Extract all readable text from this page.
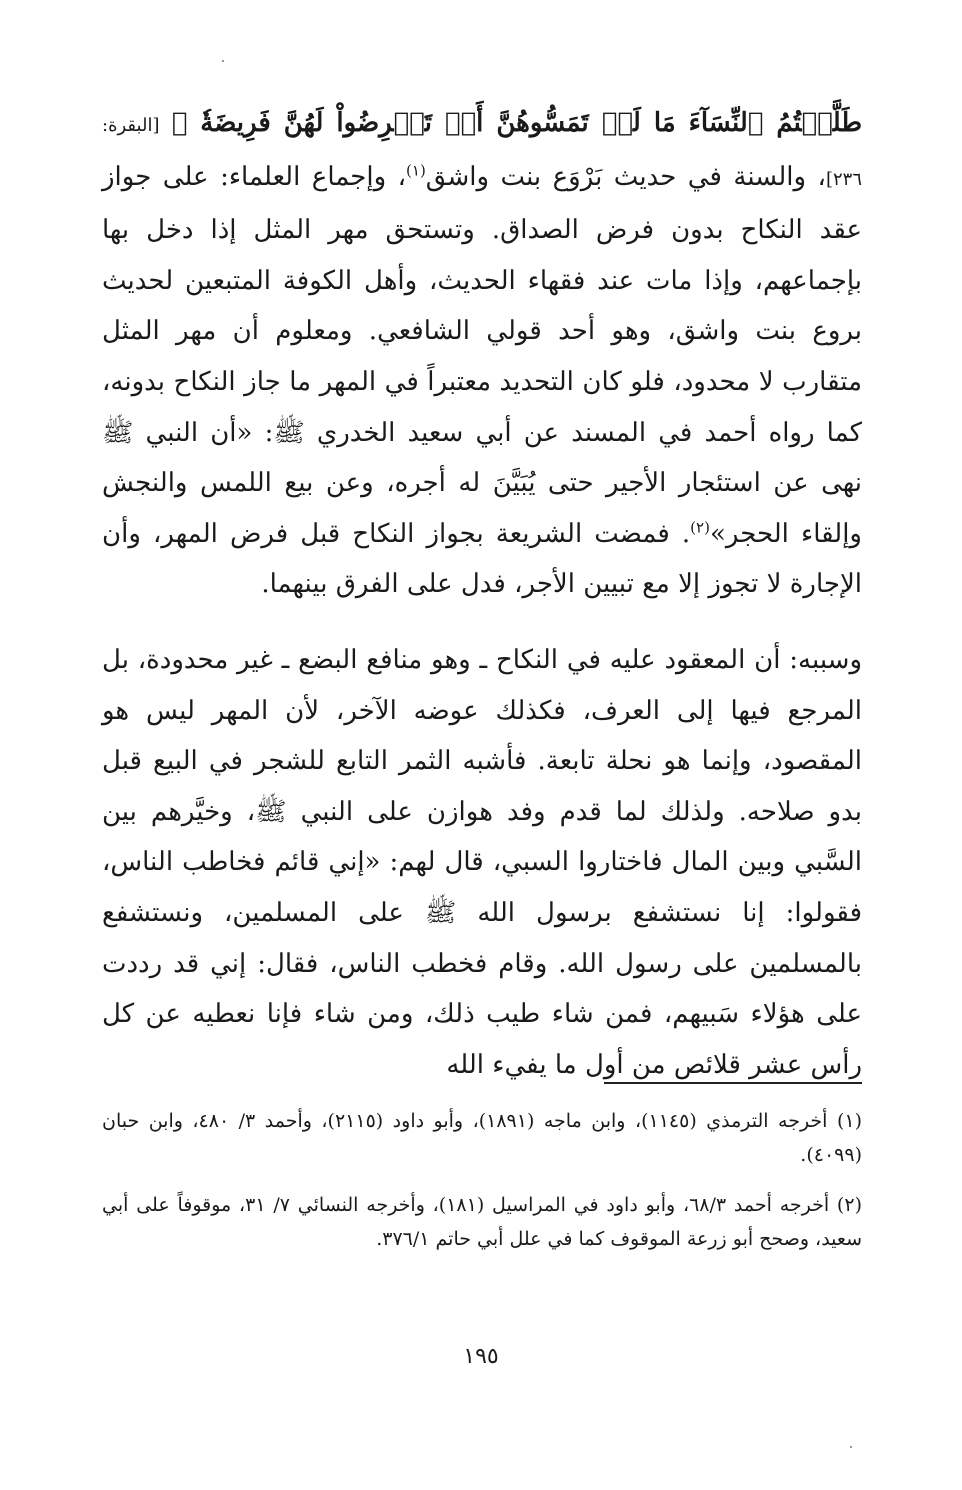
طَلَّقۡتُمُ ٱلنِّسَآءَ مَا لَمۡ تَمَسُّوهُنَّ أَوۡ تَفۡرِضُواْ لَهُنَّ فَرِيضَةٗ ﴾ [البقرة: ٢٣٦]، والسنة في حديث بَرْوَع بنت واشق$^{(١)}$، وإجماع العلماء: على جواز عقد النكاح بدون فرض الصداق. وتستحق مهر المثل إذا دخل بها بإجماعهم، وإذا مات عند فقهاء الحديث، وأهل الكوفة المتبعين لحديث بروع بنت واشق، وهو أحد قولي الشافعي. ومعلوم أن مهر المثل متقارب لا محدود، فلو كان التحديد معتبراً في المهر ما جاز النكاح بدونه، كما رواه أحمد في المسند عن أبي سعيد الخدري ﷺ: «أن النبي ﷺ نهى عن استئجار الأجير حتى يُبَيَّنَ له أجره، وعن بيع اللمس والنجش وإلقاء الحجر»$^{(٢)}$. فمضت الشريعة بجواز النكاح قبل فرض المهر، وأن الإجارة لا تجوز إلا مع تبيين الأجر، فدل على الفرق بينهما.

وسببه: أن المعقود عليه في النكاح ـ وهو منافع البضع ـ غير محدودة، بل المرجع فيها إلى العرف، فكذلك عوضه الآخر، لأن المهر ليس هو المقصود، وإنما هو نحلة تابعة. فأشبه الثمر التابع للشجر في البيع قبل بدو صلاحه. ولذلك لما قدم وفد هوازن على النبي ﷺ، وخيَّرهم بين السَّبي وبين المال فاختاروا السبي، قال لهم: «إني قائم فخاطب الناس، فقولوا: إنا نستشفع برسول الله ﷺ على المسلمين، ونستشفع بالمسلمين على رسول الله. وقام فخطب الناس، فقال: إني قد رددت على هؤلاء سَبيهم، فمن شاء طيب ذلك، ومن شاء فإنا نعطيه عن كل رأس عشر قلائص من أول ما يفيء الله

(١) أخرجه الترمذي (١١٤٥)، وابن ماجه (١٨٩١)، وأبو داود (٢١١٥)، وأحمد ٣/ ٤٨٠، وابن حبان (٤٠٩٩).

(٢) أخرجه أحمد ٦٨/٣، وأبو داود في المراسيل (١٨١)، وأخرجه النسائي ٧/ ٣١، موقوفاً على أبي سعيد، وصحح أبو زرعة الموقوف كما في علل أبي حاتم ٣٧٦/١.

١٩٥
